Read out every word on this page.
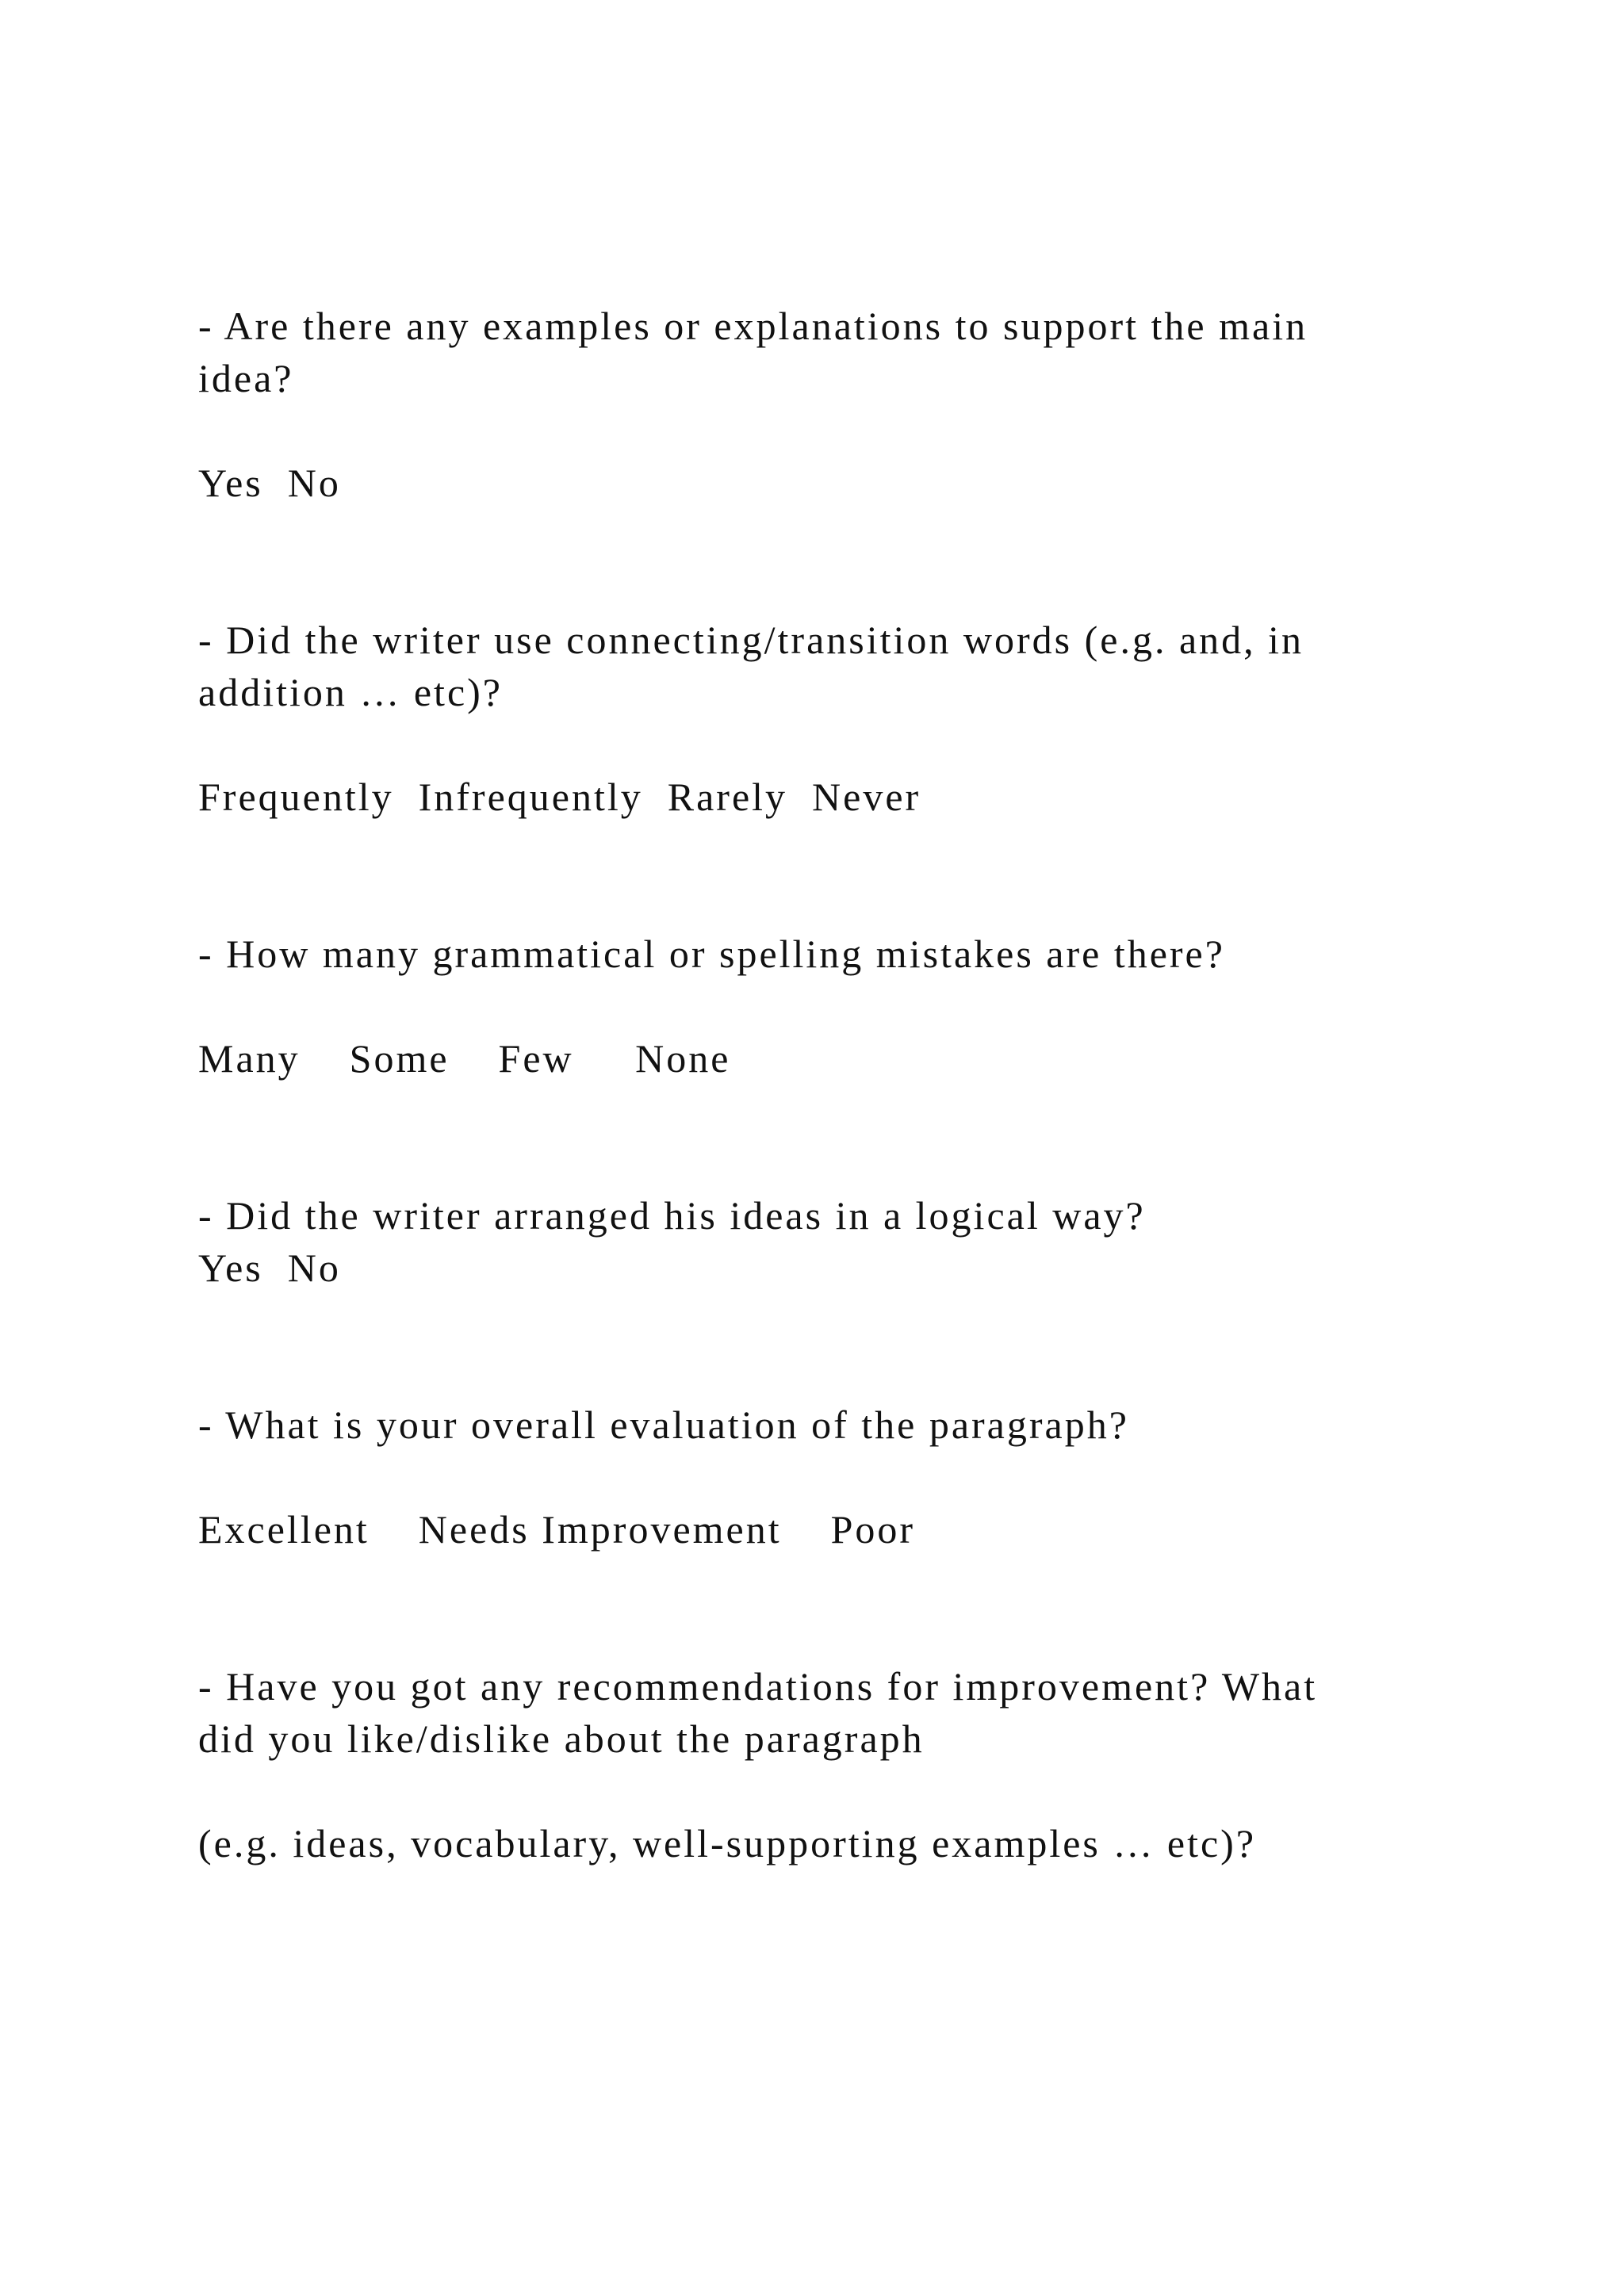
- Are there any examples or explanations to support the main

idea?

Yes  No

- Did the writer use connecting/transition words (e.g. and, in

addition … etc)?

Frequently  Infrequently  Rarely  Never

- How many grammatical or spelling mistakes are there?

Many    Some    Few     None

- Did the writer arranged his ideas in a logical way?

Yes  No

- What is your overall evaluation of the paragraph?

Excellent    Needs Improvement    Poor

- Have you got any recommendations for improvement? What

did you like/dislike about the paragraph

(e.g. ideas, vocabulary, well-supporting examples … etc)?
